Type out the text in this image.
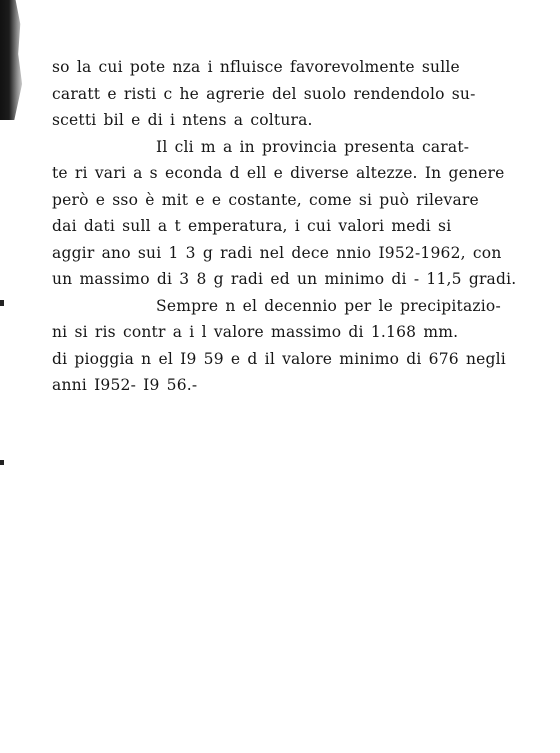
so la cui pote nza i nfluisce favorevolmente sulle
caratt e risti c he agrerie del suolo rendendolo su-
scetti bil e di i ntens a coltura.
Il cli m a in provincia presenta carat-
te ri vari a s econda d ell e diverse altezze. In genere
però e sso è mit e e costante, come si può rilevare
dai dati sull a t emperatura, i cui valori medi si
aggir ano sui 1 3 g radi nel dece nnio I952-1962, con
un massimo di 3 8 g radi ed un minimo di - 11,5 gradi.
Sempre n el decennio per le precipitazio-
ni si ris contr a i l valore massimo di 1.168 mm.
di pioggia n el I9 59 e d il valore minimo di 676 negli
anni I952- I9 56.-
